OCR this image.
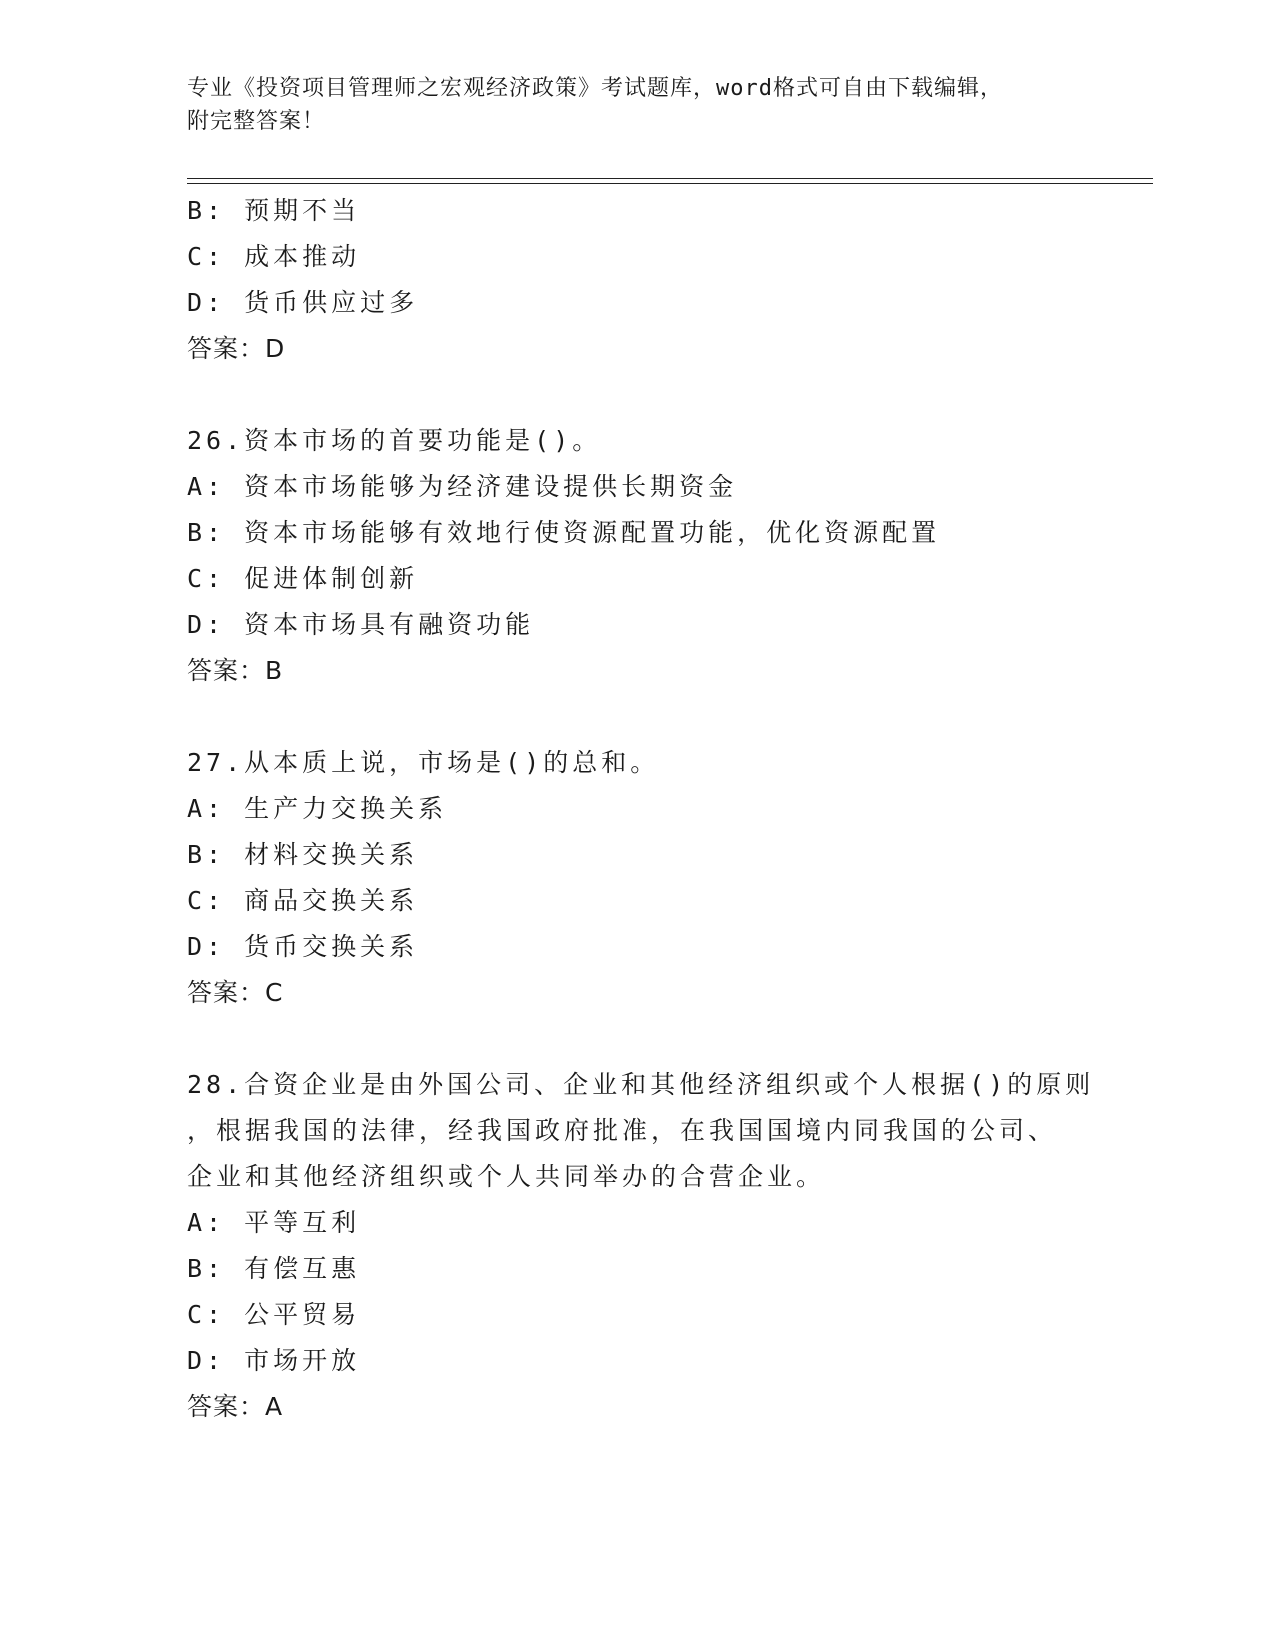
专业《投资项目管理师之宏观经济政策》考试题库，word格式可自由下载编辑，
附完整答案！
B: 预期不当
C: 成本推动
D: 货币供应过多
答案：D
26.资本市场的首要功能是()。
A: 资本市场能够为经济建设提供长期资金
B: 资本市场能够有效地行使资源配置功能，优化资源配置
C: 促进体制创新
D: 资本市场具有融资功能
答案：B
27.从本质上说，市场是()的总和。
A: 生产力交换关系
B: 材料交换关系
C: 商品交换关系
D: 货币交换关系
答案：C
28.合资企业是由外国公司、企业和其他经济组织或个人根据()的原则
，根据我国的法律，经我国政府批准，在我国国境内同我国的公司、
企业和其他经济组织或个人共同举办的合营企业。
A: 平等互利
B: 有偿互惠
C: 公平贸易
D: 市场开放
答案：A
